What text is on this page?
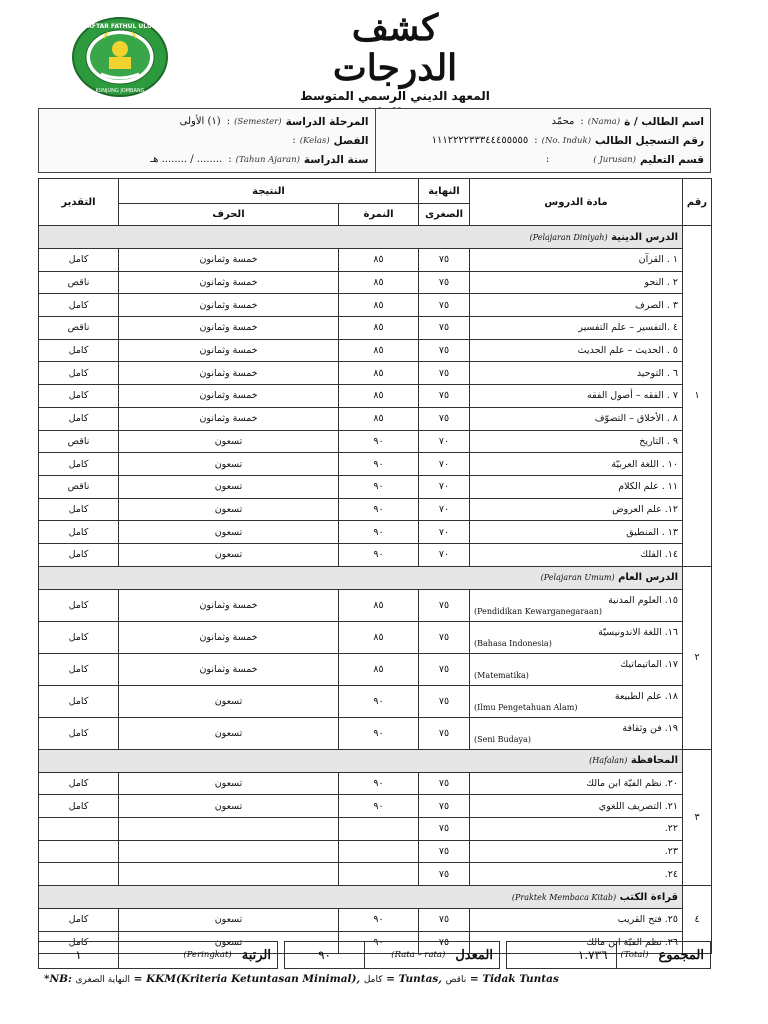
DAFTAR FATHUL ULUM
KUNJUNG JOMBANG
كشف الدرجات
المعهد الديني الرسمي المتوسط
اسم الطالب / ة
(Nama)
:
محمّد
رقم التسجيل الطالب
(No. Induk)
:
١١١٢٢٢٢٣٣٣٤٤٤٥٥٥٥٥
قسم التعليم
(Jurusan )
:
المرحلة الدراسة
(Semester)
:
(١) الأولى
الفصل
(Kelas)
:
سنة الدراسة
(Tahun Ajaran)
:
........ / ........ هـ
رقم	مادة الدروس	النهاية	النتيجة		التقدير
		الصغرى	النمرة	الحرف	
١	الدرس الدينية (Pelajaran Diniyah)				
	١ . القرآن	٧٥	٨٥	خمسة وثمانون	كامل
	٢ . النحو	٧٥	٨٥	خمسة وثمانون	ناقص
	٣ . الصرف	٧٥	٨٥	خمسة وثمانون	كامل
	٤ .التفسير – علم التفسير	٧٥	٨٥	خمسة وثمانون	ناقص
	٥ . الحديث – علم الحديث	٧٥	٨٥	خمسة وثمانون	كامل
	٦ . التوحيد	٧٥	٨٥	خمسة وثمانون	كامل
	٧ . الفقه – أصول الفقه	٧٥	٨٥	خمسة وثمانون	كامل
	٨ . الأخلاق – التصوّف	٧٥	٨٥	خمسة وثمانون	كامل
	٩ . التاريخ	٧٠	٩٠	تسعون	ناقص
	١٠ . اللغة العربيّة	٧٠	٩٠	تسعون	كامل
	١١ . علم الكلام	٧٠	٩٠	تسعون	ناقص
	١٢. علم العروض	٧٠	٩٠	تسعون	كامل
	١٣ . المنطيق	٧٠	٩٠	تسعون	كامل
	١٤. الفلك	٧٠	٩٠	تسعون	كامل
٢	الدرس العام (Pelajaran Umum)				

	١٥. العلوم المدنية
(Pendidikan Kewarganegaraan)	٧٥	٨٥	خمسة وثمانون	كامل

	١٦. اللغة الاندونيسيّة
(Bahasa Indonesia)	٧٥	٨٥	خمسة وثمانون	كامل

	١٧. الماتيماتيك
(Matematika)	٧٥	٨٥	خمسة وثمانون	كامل

	١٨. علم الطبيعة
(Ilmu Pengetahuan Alam)	٧٥	٩٠	تسعون	كامل

	١٩. فن وثقافة
(Seni Budaya)	٧٥	٩٠	تسعون	كامل
٣	المحافظة (Hafalan)				
	٢٠. نظم الفيّة ابن مالك	٧٥	٩٠	تسعون	كامل
	٢١. التصريف اللغوي	٧٥	٩٠	تسعون	كامل
	٢٢.	٧٥			
	٢٣.	٧٥			
	٢٤.	٧٥			
٤	قراءة الكتب (Praktek Membaca Kitab)				
	٢٥. فتح القريب	٧٥	٩٠	تسعون	كامل
	٢٦. نظم الفيّة ابن مالك	٧٥	٩٠	تسعون	كامل
المجموع
(Total)
١.٧٣٦
المعدل
(Rata – rata)
٩٠
الرتبة
(Peringkat)
١
*NB: النهاية الصغرى = KKM(Kriteria Ketuntasan Minimal), كامل = Tuntas, ناقص = Tidak Tuntas
